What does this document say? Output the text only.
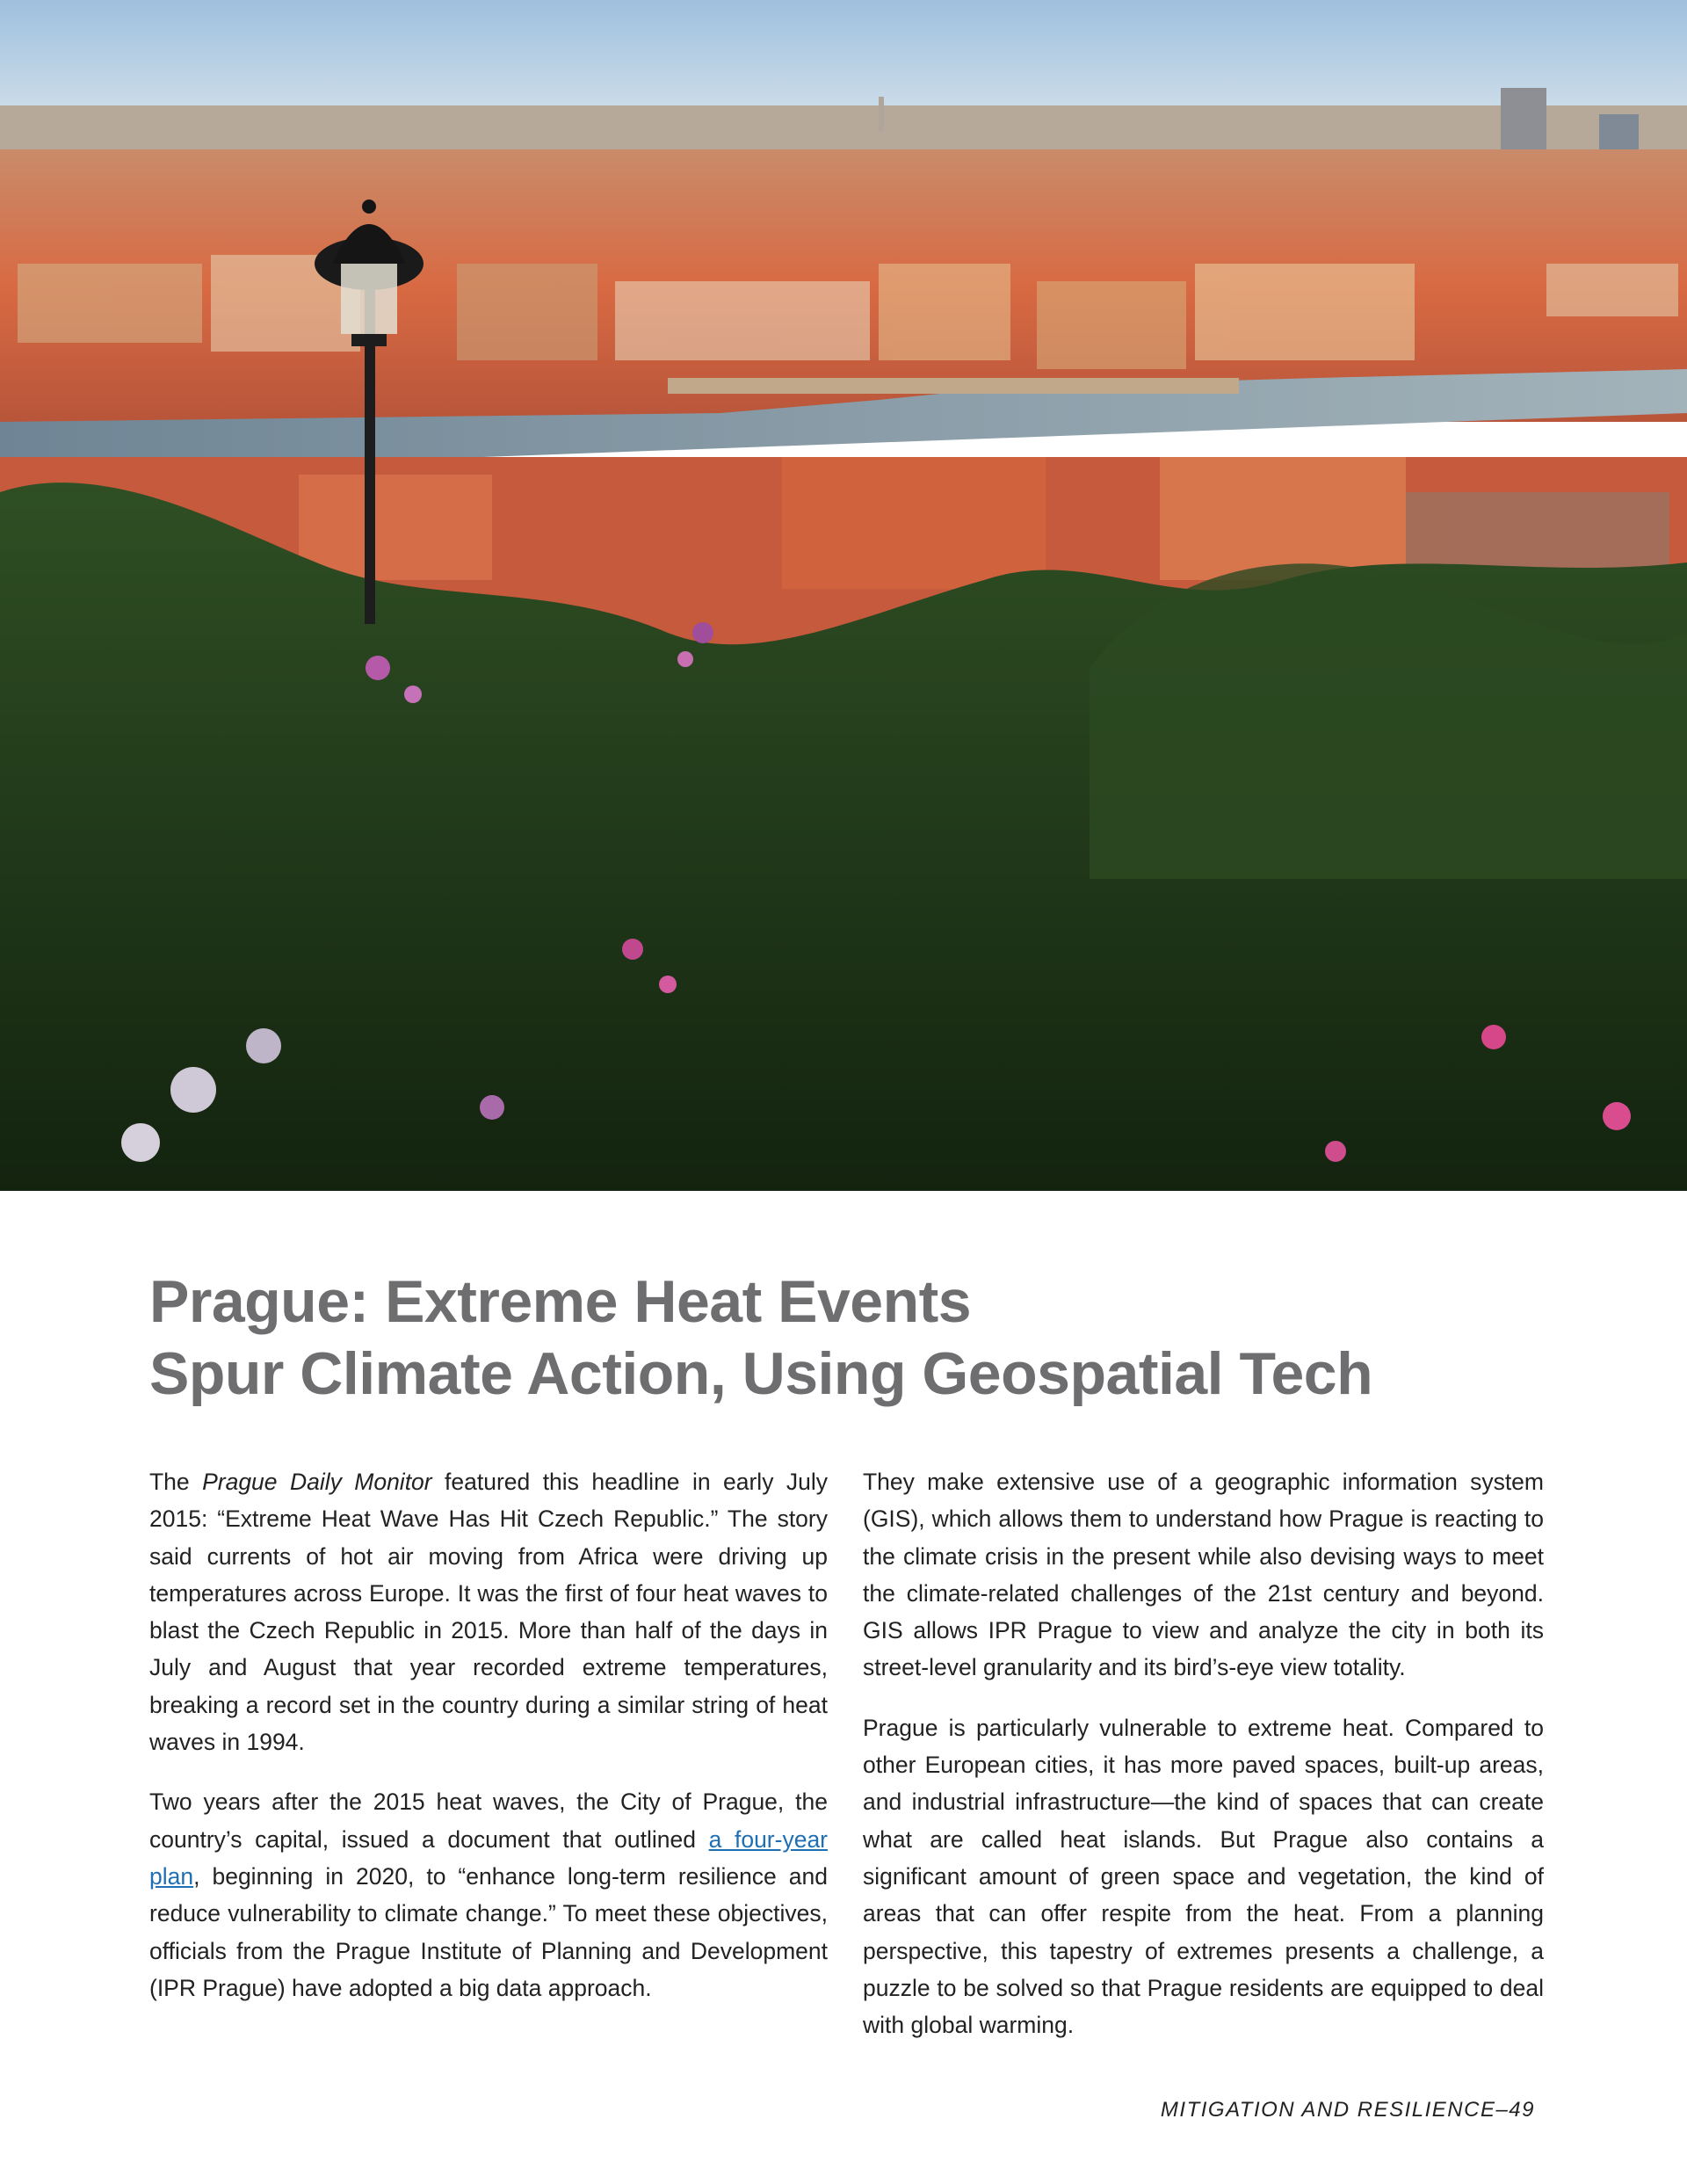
Prague: Extreme Heat Events
Spur Climate Action, Using Geospatial Tech

The Prague Daily Monitor featured this headline in early July 2015: “Extreme Heat Wave Has Hit Czech Republic.” The story said currents of hot air moving from Africa were driving up temperatures across Europe. It was the first of four heat waves to blast the Czech Republic in 2015. More than half of the days in July and August that year recorded extreme temperatures, breaking a record set in the country during a similar string of heat waves in 1994.

Two years after the 2015 heat waves, the City of Prague, the country’s capital, issued a document that outlined a four-year plan, beginning in 2020, to “enhance long-term resilience and reduce vulnerability to climate change.” To meet these objectives, officials from the Prague Institute of Planning and Development (IPR Prague) have adopted a big data approach.

They make extensive use of a geographic information system (GIS), which allows them to understand how Prague is reacting to the climate crisis in the present while also devising ways to meet the climate-related challenges of the 21st century and beyond. GIS allows IPR Prague to view and analyze the city in both its street-level granularity and its bird’s-eye view totality.

Prague is particularly vulnerable to extreme heat. Compared to other European cities, it has more paved spaces, built-up areas, and industrial infrastructure—the kind of spaces that can create what are called heat islands. But Prague also contains a significant amount of green space and vegetation, the kind of areas that can offer respite from the heat. From a planning perspective, this tapestry of extremes presents a challenge, a puzzle to be solved so that Prague residents are equipped to deal with global warming.

MITIGATION AND RESILIENCE–49
